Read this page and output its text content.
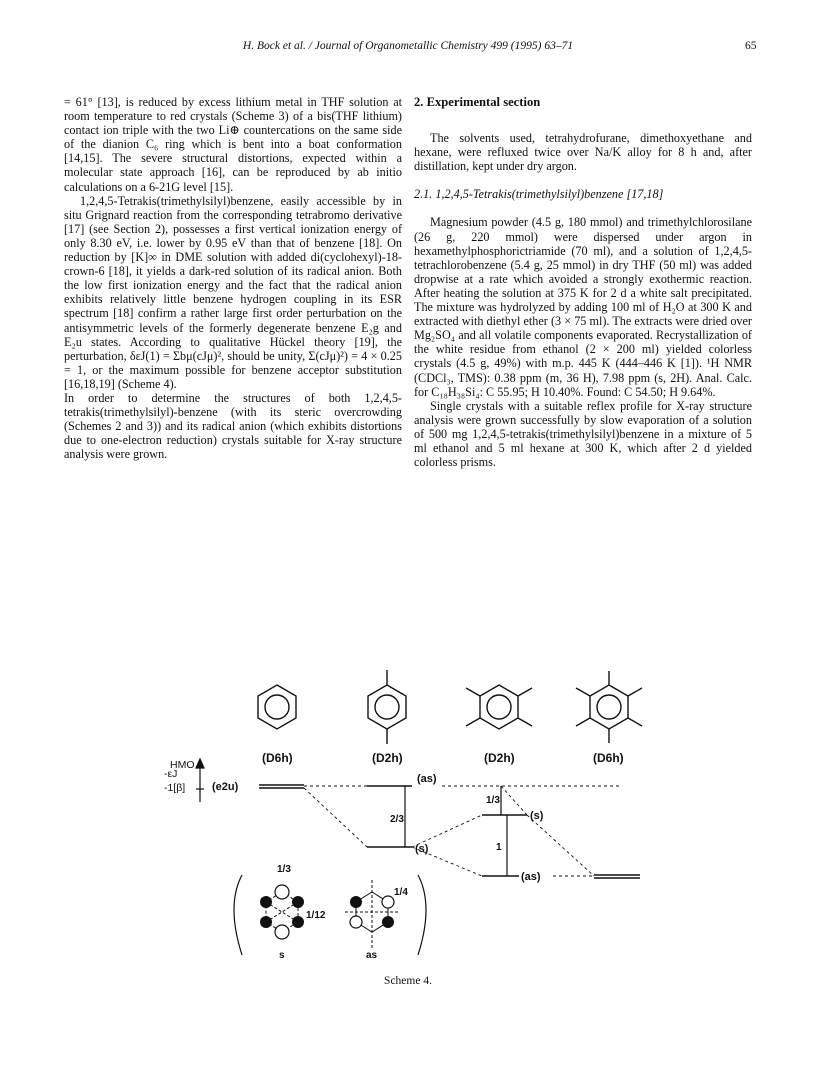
H. Bock et al. / Journal of Organometallic Chemistry 499 (1995) 63–71	65

= 61° [13], is reduced by excess lithium metal in THF solution at room temperature to red crystals (Scheme 3) of a bis(THF lithium) contact ion triple with the two Li⊕ countercations on the same side of the dianion C₆ ring which is bent into a boat conformation [14,15]. The severe structural distortions, expected within a molecular state approach [16], can be reproduced by ab initio calculations on a 6-21G level [15].

1,2,4,5-Tetrakis(trimethylsilyl)benzene, easily accessible by in situ Grignard reaction from the corresponding tetrabromo derivative [17] (see Section 2), possesses a first vertical ionization energy of only 8.30 eV, i.e. lower by 0.95 eV than that of benzene [18]. On reduction by [K]∞ in DME solution with added di(cyclohexyl)-18-crown-6 [18], it yields a dark-red solution of its radical anion. Both the low first ionization energy and the fact that the radical anion exhibits relatively little benzene hydrogen coupling in its ESR spectrum [18] confirm a rather large first order perturbation on the antisymmetric levels of the formerly degenerate benzene E₂g and E₂u states. According to qualitative Hückel theory [19], the perturbation, δεJ(1) = Σbμ(cJμ)², should be unity, Σ(cJμ)²) = 4 × 0.25 = 1, or the maximum possible for benzene acceptor substitution [16,18,19] (Scheme 4).

In order to determine the structures of both 1,2,4,5-tetrakis(trimethylsilyl)-benzene (with its steric overcrowding (Schemes 2 and 3)) and its radical anion (which exhibits distortions due to one-electron reduction) crystals suitable for X-ray structure analysis were grown.

2. Experimental section

The solvents used, tetrahydrofurane, dimethoxyethane and hexane, were refluxed twice over Na/K alloy for 8 h and, after distillation, kept under dry argon.

2.1. 1,2,4,5-Tetrakis(trimethylsilyl)benzene [17,18]

Magnesium powder (4.5 g, 180 mmol) and trimethylchlorosilane (26 g, 220 mmol) were dispersed under argon in hexamethylphosphorictriamide (70 ml), and a solution of 1,2,4,5-tetrachlorobenzene (5.4 g, 25 mmol) in dry THF (50 ml) was added dropwise at a rate which avoided a strongly exothermic reaction. After heating the solution at 375 K for 2 d a white salt precipitated. The mixture was hydrolyzed by adding 100 ml of H₂O at 300 K and extracted with diethyl ether (3 × 75 ml). The extracts were dried over Mg₂SO₄ and all volatile components evaporated. Recrystallization of the white residue from ethanol (2 × 200 ml) yielded colorless crystals (4.5 g, 49%) with m.p. 445 K (444–446 K [1]). ¹H NMR (CDCl₃, TMS): 0.38 ppm (m, 36 H), 7.98 ppm (s, 2H). Anal. Calc. for C₁₈H₃₈Si₄: C 55.95; H 10.40%. Found: C 54.50; H 9.64%.

Single crystals with a suitable reflex profile for X-ray structure analysis were grown successfully by slow evaporation of a solution of 500 mg 1,2,4,5-tetrakis(trimethylsilyl)benzene in a mixture of 5 ml ethanol and 5 ml hexane at 300 K, which after 2 d yielded colorless prisms.

(D6h)	(D2h)	(D2h)	(D6h)
HMO
-εJ
-1[β] (e2u)
(as)
(s)
(s)
(as)
2/3
1/3
1
1/3
1/12
s
1/4
as
Scheme 4.
